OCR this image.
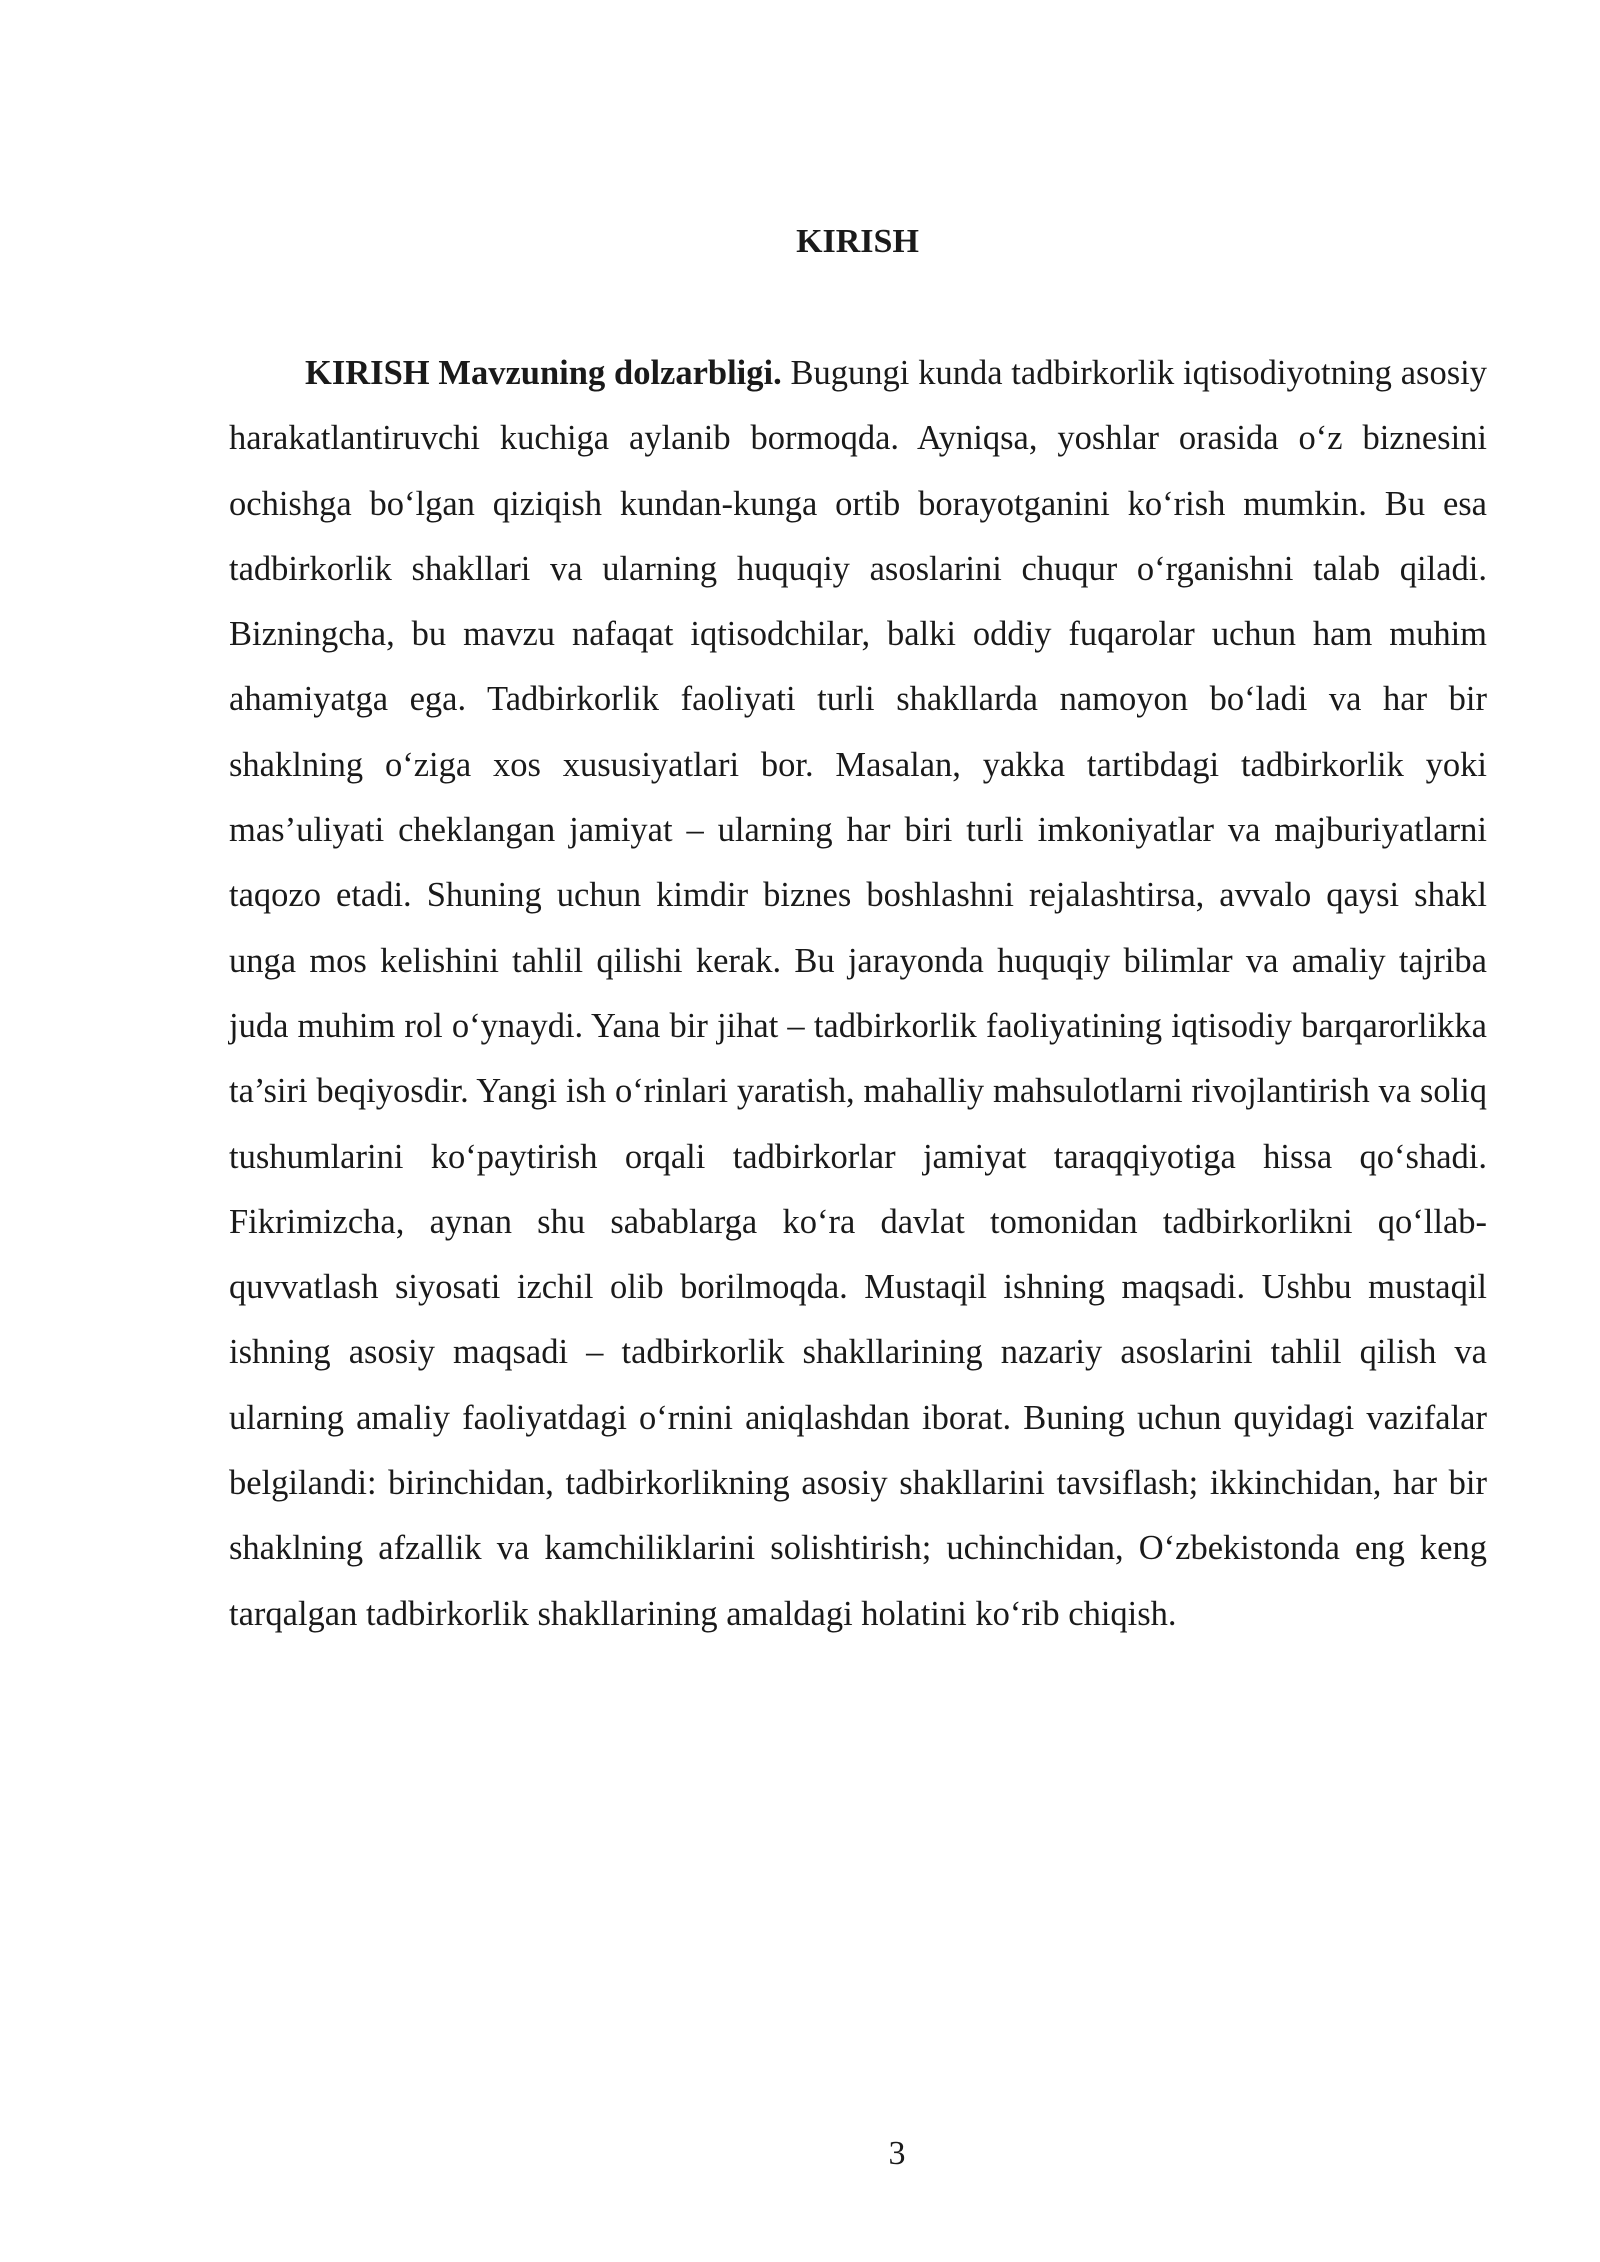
KIRISH

KIRISH Mavzuning dolzarbligi. Bugungi kunda tadbirkorlik iqtisodiyotning asosiy harakatlantiruvchi kuchiga aylanib bormoqda. Ayniqsa, yoshlar orasida o‘z biznesini ochishga bo‘lgan qiziqish kundan-kunga ortib borayotganini ko‘rish mumkin. Bu esa tadbirkorlik shakllari va ularning huquqiy asoslarini chuqur o‘rganishni talab qiladi. Bizningcha, bu mavzu nafaqat iqtisodchilar, balki oddiy fuqarolar uchun ham muhim ahamiyatga ega. Tadbirkorlik faoliyati turli shakllarda namoyon bo‘ladi va har bir shaklning o‘ziga xos xususiyatlari bor. Masalan, yakka tartibdagi tadbirkorlik yoki mas’uliyati cheklangan jamiyat – ularning har biri turli imkoniyatlar va majburiyatlarni taqozo etadi. Shuning uchun kimdir biznes boshlashni rejalashtirsa, avvalo qaysi shakl unga mos kelishini tahlil qilishi kerak. Bu jarayonda huquqiy bilimlar va amaliy tajriba juda muhim rol o‘ynaydi. Yana bir jihat – tadbirkorlik faoliyatining iqtisodiy barqarorlikka ta’siri beqiyosdir. Yangi ish o‘rinlari yaratish, mahalliy mahsulotlarni rivojlantirish va soliq tushumlarini ko‘paytirish orqali tadbirkorlar jamiyat taraqqiyotiga hissa qo‘shadi. Fikrimizcha, aynan shu sabablarga ko‘ra davlat tomonidan tadbirkorlikni qo‘llab-quvvatlash siyosati izchil olib borilmoqda. Mustaqil ishning maqsadi. Ushbu mustaqil ishning asosiy maqsadi – tadbirkorlik shakllarining nazariy asoslarini tahlil qilish va ularning amaliy faoliyatdagi o‘rnini aniqlashdan iborat. Buning uchun quyidagi vazifalar belgilandi: birinchidan, tadbirkorlikning asosiy shakllarini tavsiflash; ikkinchidan, har bir shaklning afzallik va kamchiliklarini solishtirish; uchinchidan, O‘zbekistonda eng keng tarqalgan tadbirkorlik shakllarining amaldagi holatini ko‘rib chiqish.

3
